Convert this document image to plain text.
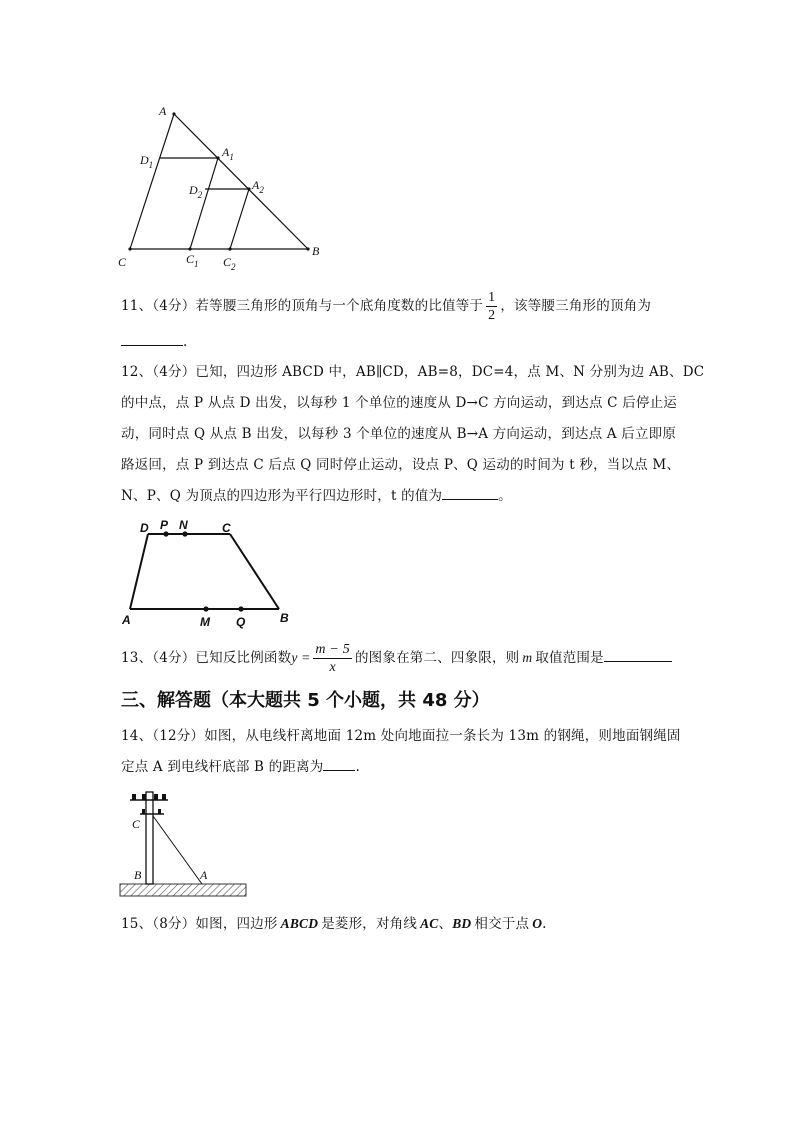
A
$D_1$
$A_1$
$D_2$
$A_2$
C	$C_1$ $C_2$
B
11、（4分）若等腰三角形的顶角与一个底角度数的比值等于 $\frac{1}{2}$ ，该等腰三角形的顶角为
.
12、（4分）已知，四边形 ABCD 中，AB∥CD，AB=8，DC=4，点 M、N 分别为边 AB、DC
的中点，点 P 从点 D 出发，以每秒 1 个单位的速度从 D→C 方向运动，到达点 C 后停止运
动，同时点 Q 从点 B 出发，以每秒 3 个单位的速度从 B→A 方向运动，到达点 A 后立即原
路返回，点 P 到达点 C 后点 Q 同时停止运动，设点 P、Q 运动的时间为 t 秒，当以点 M、
N、P、Q 为顶点的四边形为平行四边形时，t 的值为	。
D P N	C
A	M Q	B
13、（4分）已知反比例函数$y = \frac{m - 5}{x}$ 的图象在第二、四象限，则 m 取值范围是
三、解答题（本大题共 5 个小题，共 48 分）
14、（12分）如图，从电线杆离地面 12m 处向地面拉一条长为 13m 的钢绳，则地面钢绳固
定点 A 到电线杆底部 B 的距离为 .
C
B	A
15、（8分）如图，四边形 ABCD 是菱形，对角线 AC、BD 相交于点 O.
